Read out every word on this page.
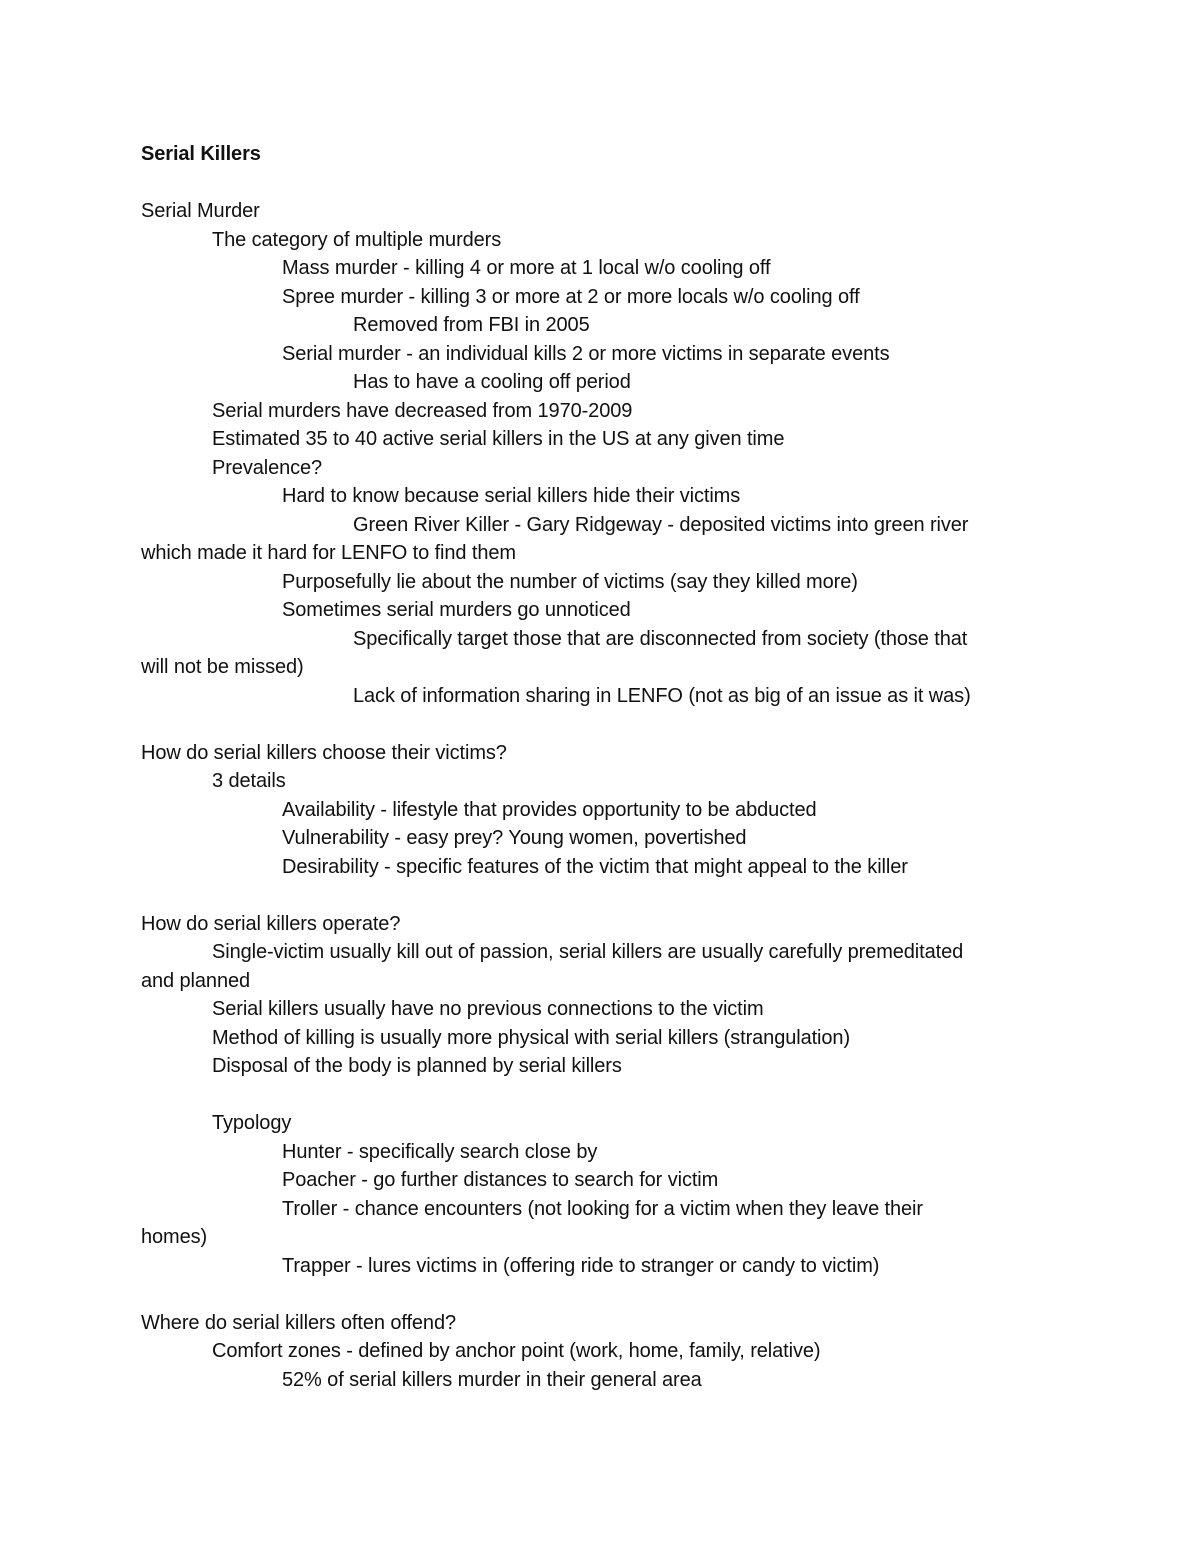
Serial Killers
Serial Murder
The category of multiple murders
Mass murder - killing 4 or more at 1 local w/o cooling off
Spree murder - killing 3 or more at 2 or more locals w/o cooling off
Removed from FBI in 2005
Serial murder - an individual kills 2 or more victims in separate events
Has to have a cooling off period
Serial murders have decreased from 1970-2009
Estimated 35 to 40 active serial killers in the US at any given time
Prevalence?
Hard to know because serial killers hide their victims
Green River Killer - Gary Ridgeway - deposited victims into green river
which made it hard for LENFO to find them
Purposefully lie about the number of victims (say they killed more)
Sometimes serial murders go unnoticed
Specifically target those that are disconnected from society (those that
will not be missed)
Lack of information sharing in LENFO (not as big of an issue as it was)
How do serial killers choose their victims?
3 details
Availability - lifestyle that provides opportunity to be abducted
Vulnerability - easy prey? Young women, povertished
Desirability - specific features of the victim that might appeal to the killer
How do serial killers operate?
Single-victim usually kill out of passion, serial killers are usually carefully premeditated
and planned
Serial killers usually have no previous connections to the victim
Method of killing is usually more physical with serial killers (strangulation)
Disposal of the body is planned by serial killers
Typology
Hunter - specifically search close by
Poacher - go further distances to search for victim
Troller - chance encounters (not looking for a victim when they leave their
homes)
Trapper - lures victims in (offering ride to stranger or candy to victim)
Where do serial killers often offend?
Comfort zones - defined by anchor point (work, home, family, relative)
52% of serial killers murder in their general area
